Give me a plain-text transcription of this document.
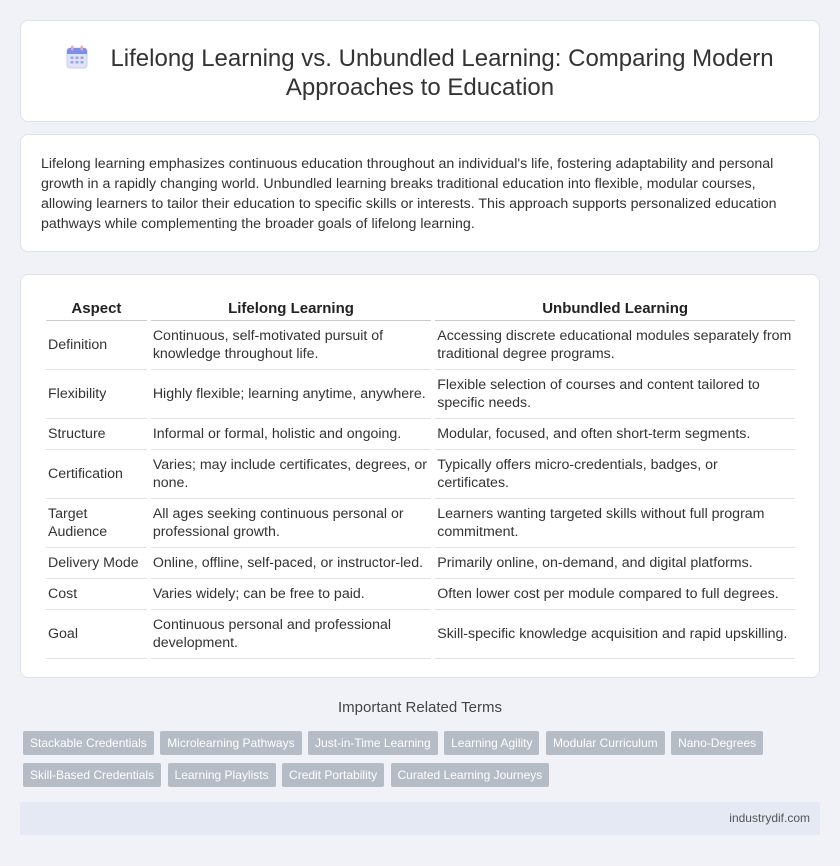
Lifelong Learning vs. Unbundled Learning: Comparing Modern Approaches to Education

Lifelong learning emphasizes continuous education throughout an individual's life, fostering adaptability and personal growth in a rapidly changing world. Unbundled learning breaks traditional education into flexible, modular courses, allowing learners to tailor their education to specific skills or interests. This approach supports personalized education pathways while complementing the broader goals of lifelong learning.

Aspect	Lifelong Learning	Unbundled Learning
Definition	Continuous, self-motivated pursuit of knowledge throughout life.	Accessing discrete educational modules separately from traditional degree programs.
Flexibility	Highly flexible; learning anytime, anywhere.	Flexible selection of courses and content tailored to specific needs.
Structure	Informal or formal, holistic and ongoing.	Modular, focused, and often short-term segments.
Certification	Varies; may include certificates, degrees, or none.	Typically offers micro-credentials, badges, or certificates.
Target Audience	All ages seeking continuous personal or professional growth.	Learners wanting targeted skills without full program commitment.
Delivery Mode	Online, offline, self-paced, or instructor-led.	Primarily online, on-demand, and digital platforms.
Cost	Varies widely; can be free to paid.	Often lower cost per module compared to full degrees.
Goal	Continuous personal and professional development.	Skill-specific knowledge acquisition and rapid upskilling.
Important Related Terms
Stackable Credentials Microlearning Pathways Just-in-Time Learning Learning Agility Modular Curriculum Nano-Degrees Skill-Based Credentials Learning Playlists Credit Portability Curated Learning Journeys
industrydif.com
